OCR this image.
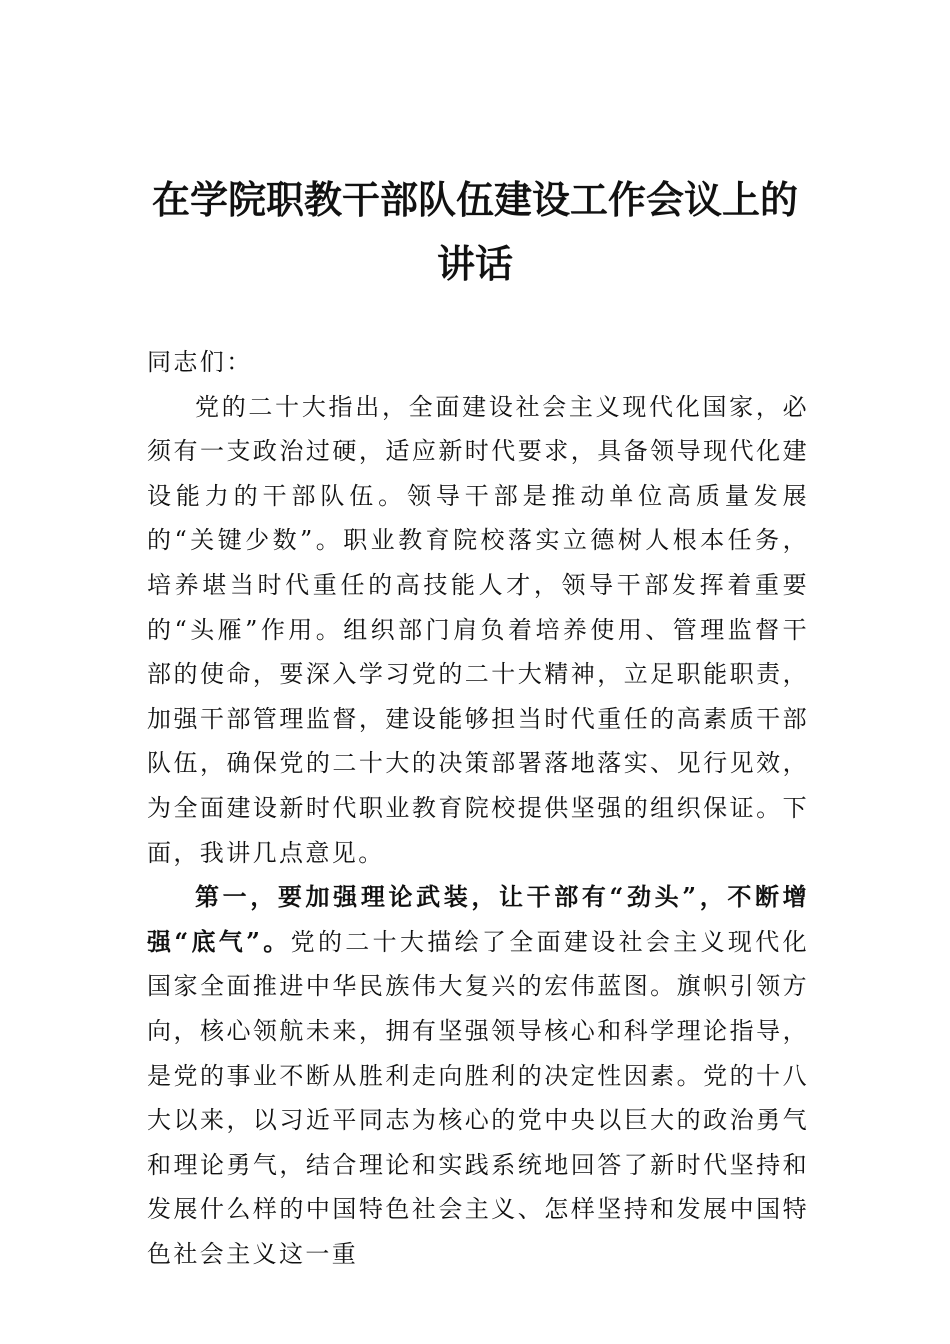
在学院职教干部队伍建设工作会议上的讲话

同志们：

党的二十大指出，全面建设社会主义现代化国家，必须有一支政治过硬，适应新时代要求，具备领导现代化建设能力的干部队伍。领导干部是推动单位高质量发展的“关键少数”。职业教育院校落实立德树人根本任务，培养堪当时代重任的高技能人才，领导干部发挥着重要的“头雁”作用。组织部门肩负着培养使用、管理监督干部的使命，要深入学习党的二十大精神，立足职能职责，加强干部管理监督，建设能够担当时代重任的高素质干部队伍，确保党的二十大的决策部署落地落实、见行见效，为全面建设新时代职业教育院校提供坚强的组织保证。下面，我讲几点意见。

第一，要加强理论武装，让干部有“劲头”，不断增强“底气”。党的二十大描绘了全面建设社会主义现代化国家全面推进中华民族伟大复兴的宏伟蓝图。旗帜引领方向，核心领航未来，拥有坚强领导核心和科学理论指导，是党的事业不断从胜利走向胜利的决定性因素。党的十八大以来，以习近平同志为核心的党中央以巨大的政治勇气和理论勇气，结合理论和实践系统地回答了新时代坚持和发展什么样的中国特色社会主义、怎样坚持和发展中国特色社会主义这一重
